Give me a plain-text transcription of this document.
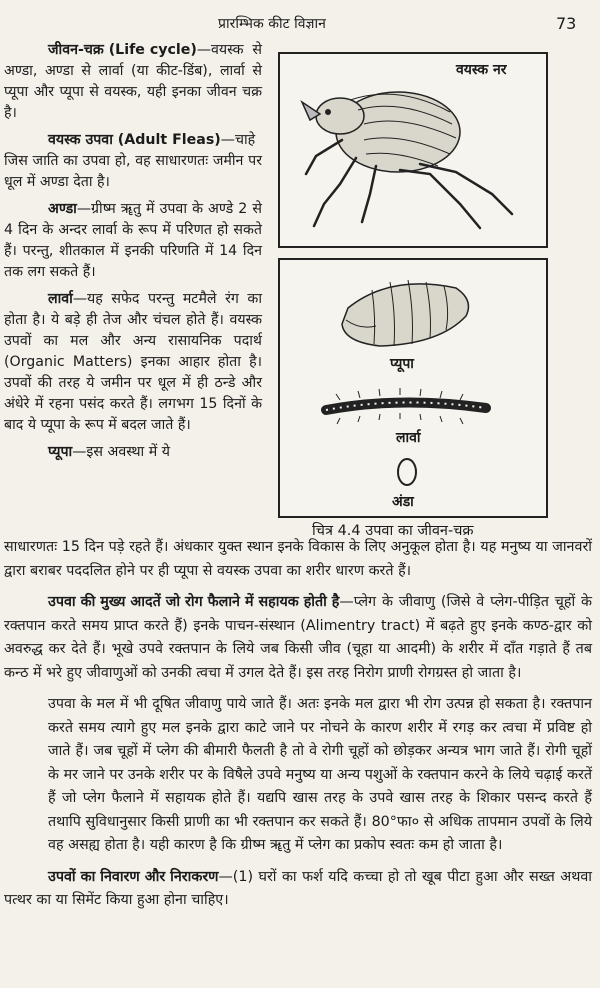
प्रारम्भिक कीट विज्ञान	73

जीवन-चक्र (Life cycle)—वयस्क से अण्डा, अण्डा से लार्वा (या कीट-डिंब), लार्वा से प्यूपा और प्यूपा से वयस्क, यही इनका जीवन चक्र है।

वयस्क उपवा (Adult Fleas)—चाहे जिस जाति का उपवा हो, वह साधारणतः जमीन पर धूल में अण्डा देता है।

अण्डा—ग्रीष्म ॠतु में उपवा के अण्डे 2 से 4 दिन के अन्दर लार्वा के रूप में परिणत हो सकते हैं। परन्तु, शीतकाल में इनकी परिणति में 14 दिन तक लग सकते हैं।

लार्वा—यह सफेद परन्तु मटमैले रंग का होता है। ये बड़े ही तेज और चंचल होते हैं। वयस्क उपवों का मल और अन्य रासायनिक पदार्थ (Organic Matters) इनका आहार होता है। उपवों की तरह ये जमीन पर धूल में ही ठन्डे और अंधेरे में रहना पसंद करते हैं। लगभग 15 दिनों के बाद ये प्यूपा के रूप में बदल जाते हैं।

प्यूपा—इस अवस्था में ये

वयस्क नर
प्यूपा
लार्वा
अंडा
चित्र 4.4 उपवा का जीवन-चक्र

साधारणतः 15 दिन पड़े रहते हैं। अंधकार युक्त स्थान इनके विकास के लिए अनुकूल होता है। यह मनुष्य या जानवरों द्वारा बराबर पददलित होने पर ही प्यूपा से वयस्क उपवा का शरीर धारण करते हैं।

उपवा की मुख्य आदतें जो रोग फैलाने में सहायक होती है—प्लेग के जीवाणु (जिसे वे प्लेग-पीड़ित चूहों के रक्तपान करते समय प्राप्त करते हैं) इनके पाचन-संस्थान (Alimentry tract) में बढ़ते हुए इनके कण्ठ-द्वार को अवरुद्ध कर देते हैं। भूखे उपवे रक्तपान के लिये जब किसी जीव (चूहा या आदमी) के शरीर में दाँत गड़ाते हैं तब कन्ठ में भरे हुए जीवाणुओं को उनकी त्वचा में उगल देते हैं। इस तरह निरोग प्राणी रोगग्रस्त हो जाता है।

उपवा के मल में भी दूषित जीवाणु पाये जाते हैं। अतः इनके मल द्वारा भी रोग उत्पन्न हो सकता है। रक्तपान करते समय त्यागे हुए मल इनके द्वारा काटे जाने पर नोचने के कारण शरीर में रगड़ कर त्वचा में प्रविष्ट हो जाते हैं। जब चूहों में प्लेग की बीमारी फैलती है तो वे रोगी चूहों को छोड़कर अन्यत्र भाग जाते हैं। रोगी चूहों के मर जाने पर उनके शरीर पर के विषैले उपवे मनुष्य या अन्य पशुओं के रक्तपान करने के लिये चढ़ाई करतें हैं जो प्लेग फैलाने में सहायक होते हैं। यद्यपि खास तरह के उपवे खास तरह के शिकार पसन्द करते हैं तथापि सुविधानुसार किसी प्राणी का भी रक्तपान कर सकते हैं। 80°फा० से अधिक तापमान उपवों के लिये वह असह्य होता है। यही कारण है कि ग्रीष्म ॠतु में प्लेग का प्रकोप स्वतः कम हो जाता है।

उपवों का निवारण और निराकरण—(1) घरों का फर्श यदि कच्चा हो तो खूब पीटा हुआ और सख्त अथवा पत्थर का या सिमेंट किया हुआ होना चाहिए।
